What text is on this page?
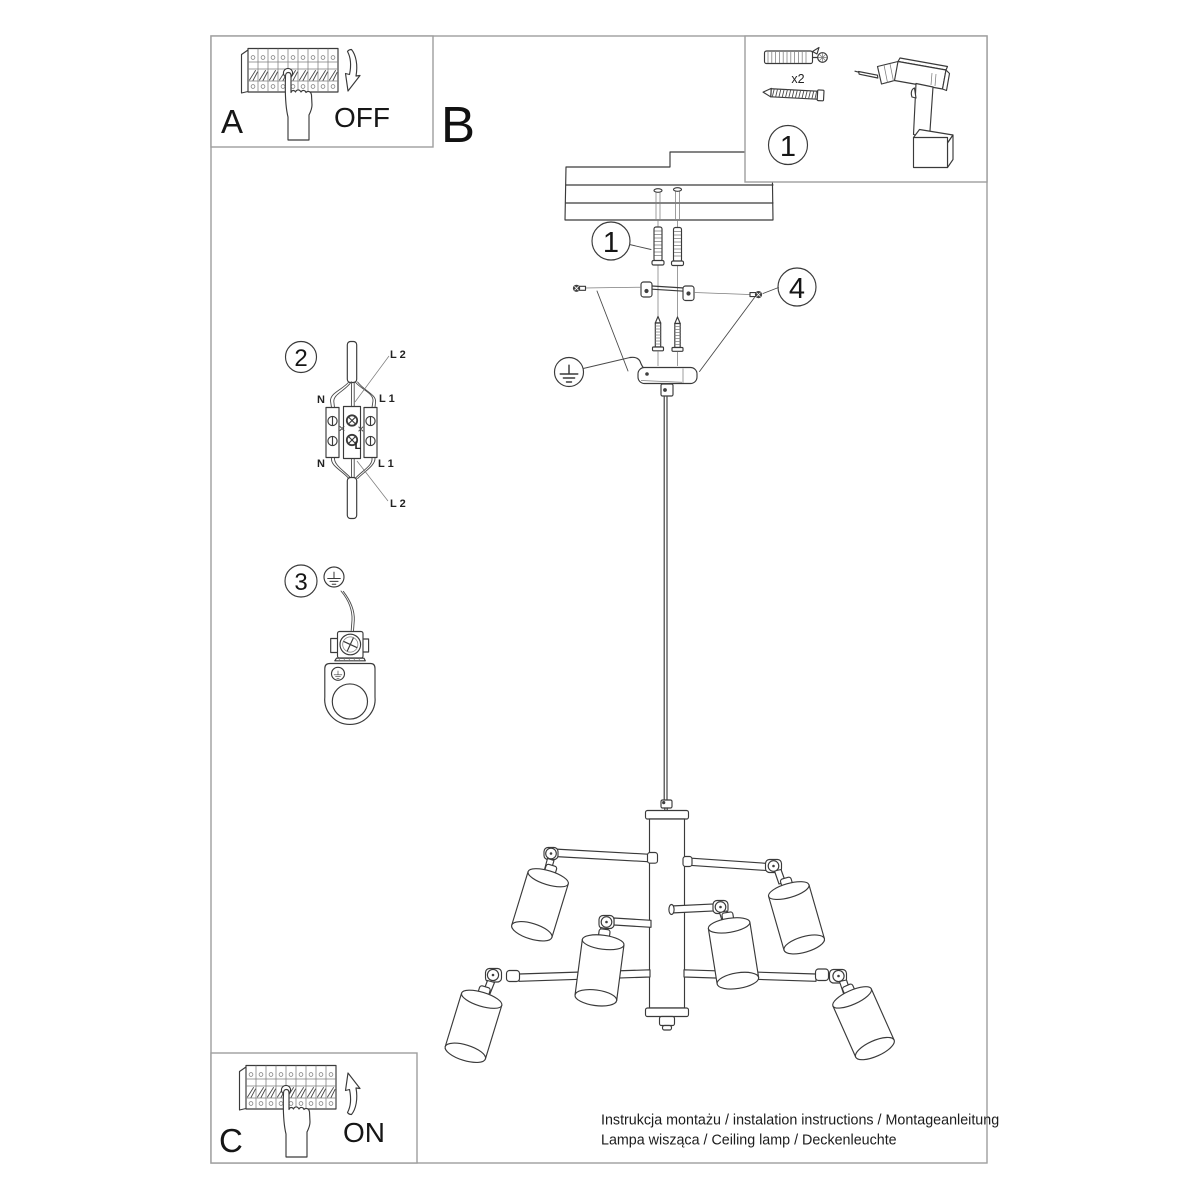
A	OFF B
C	ON
x2
1
1
4
2
N	L 1
L 2
L
N	L 1
L 2
3
Instrukcja montażu / instalation instructions / Montageanleitung
Lampa wisząca / Ceiling lamp / Deckenleuchte
